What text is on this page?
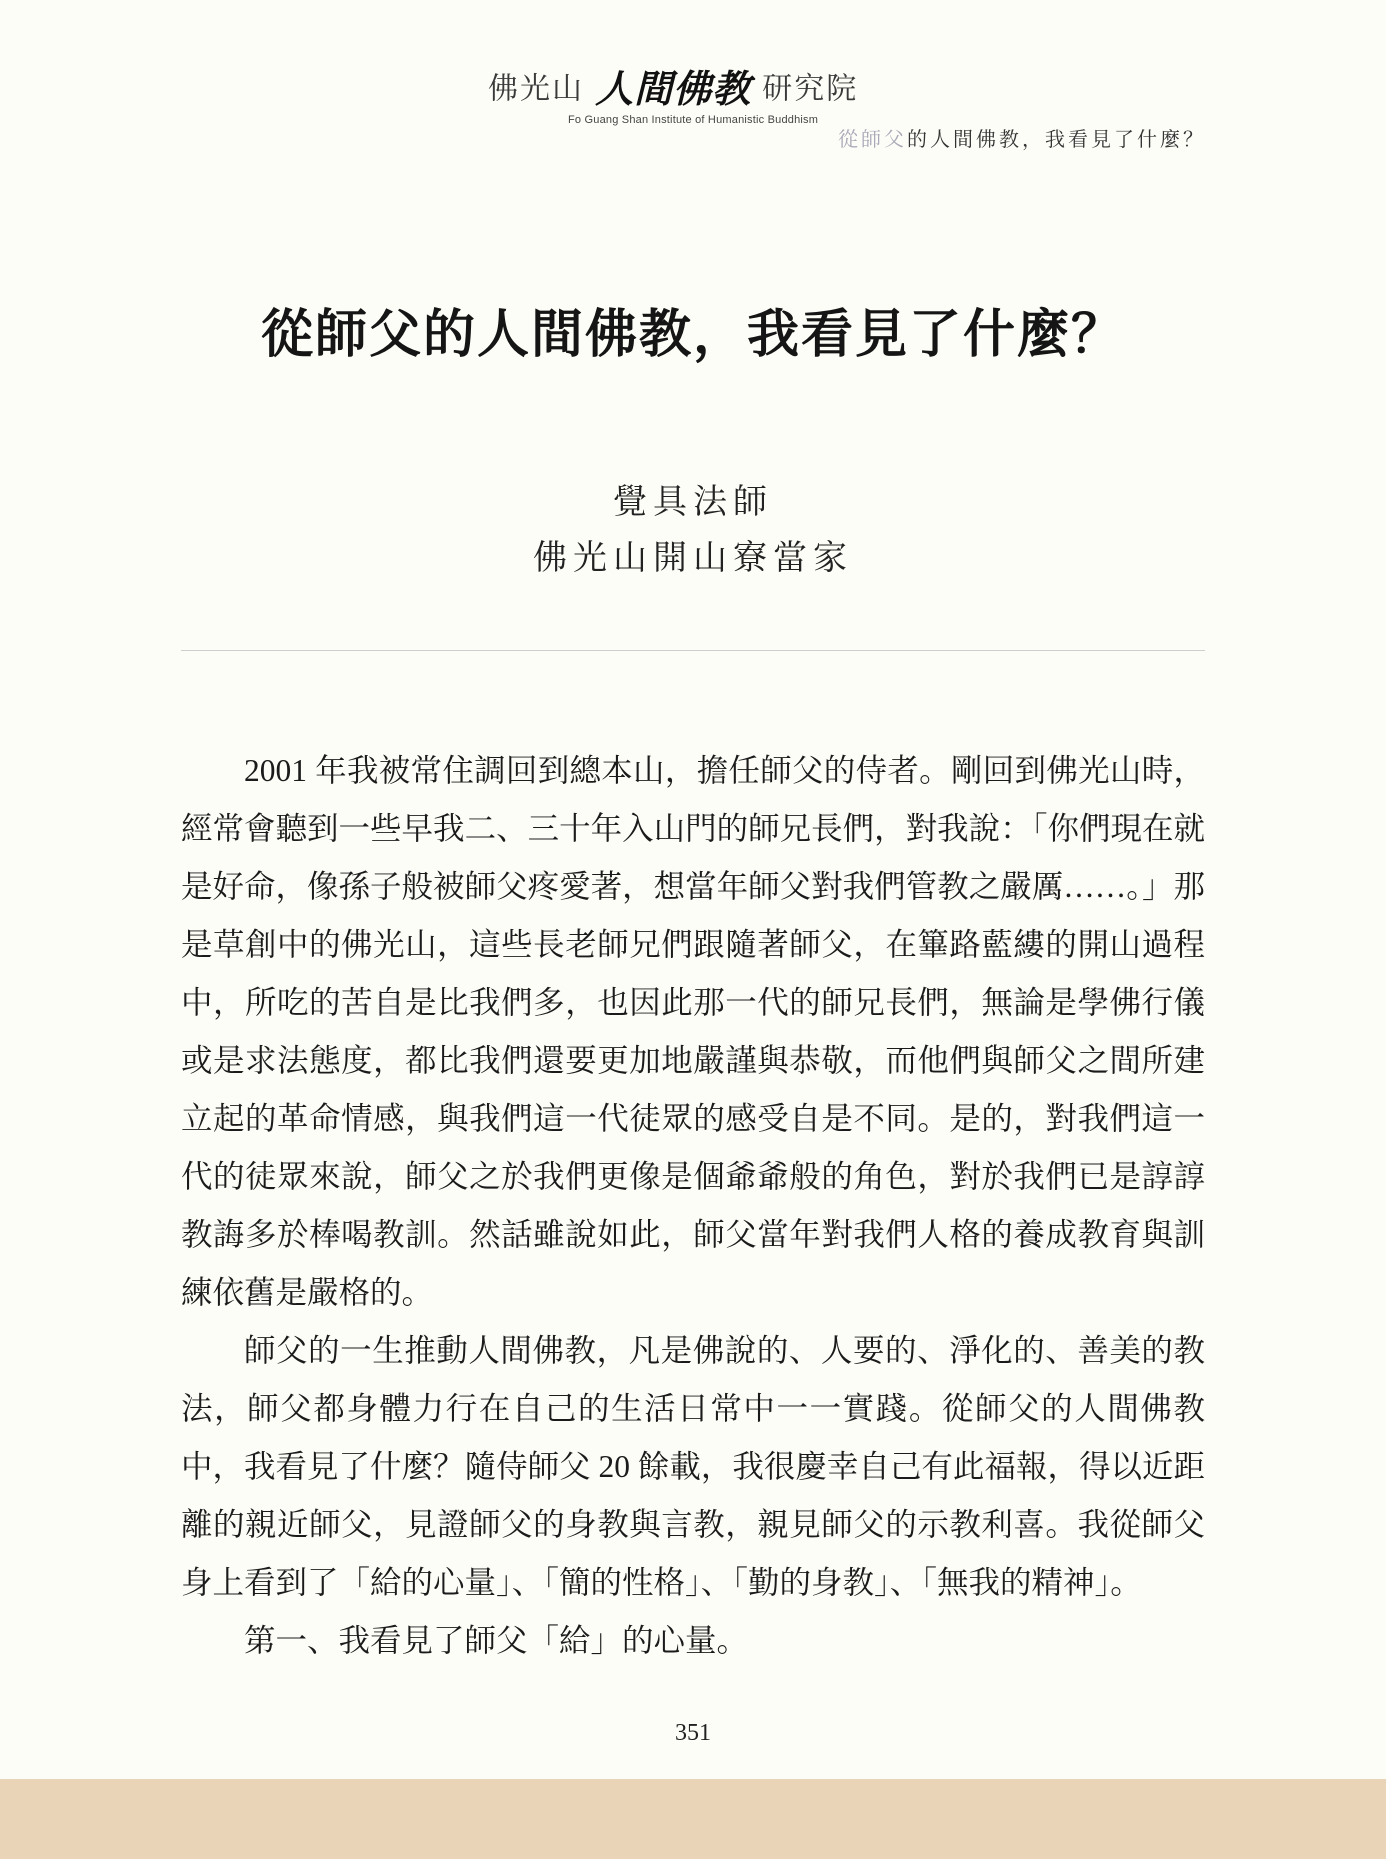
佛光山 人間佛教 研究院
Fo Guang Shan Institute of Humanistic Buddhism
從師父的人間佛教，我看見了什麼？
從師父的人間佛教，我看見了什麼？
覺具法師
佛光山開山寮當家

2001 年我被常住調回到總本山，擔任師父的侍者。剛回到佛光山時，經常會聽到一些早我二、三十年入山門的師兄長們，對我說：「你們現在就是好命，像孫子般被師父疼愛著，想當年師父對我們管教之嚴厲……。」那是草創中的佛光山，這些長老師兄們跟隨著師父，在篳路藍縷的開山過程中，所吃的苦自是比我們多，也因此那一代的師兄長們，無論是學佛行儀或是求法態度，都比我們還要更加地嚴謹與恭敬，而他們與師父之間所建立起的革命情感，與我們這一代徒眾的感受自是不同。是的，對我們這一代的徒眾來說，師父之於我們更像是個爺爺般的角色，對於我們已是諄諄教誨多於棒喝教訓。然話雖說如此，師父當年對我們人格的養成教育與訓練依舊是嚴格的。

師父的一生推動人間佛教，凡是佛說的、人要的、淨化的、善美的教法，師父都身體力行在自己的生活日常中一一實踐。從師父的人間佛教中，我看見了什麼？隨侍師父 20 餘載，我很慶幸自己有此福報，得以近距離的親近師父，見證師父的身教與言教，親見師父的示教利喜。我從師父身上看到了「給的心量」、「簡的性格」、「勤的身教」、「無我的精神」。

第一、我看見了師父「給」的心量。

351
